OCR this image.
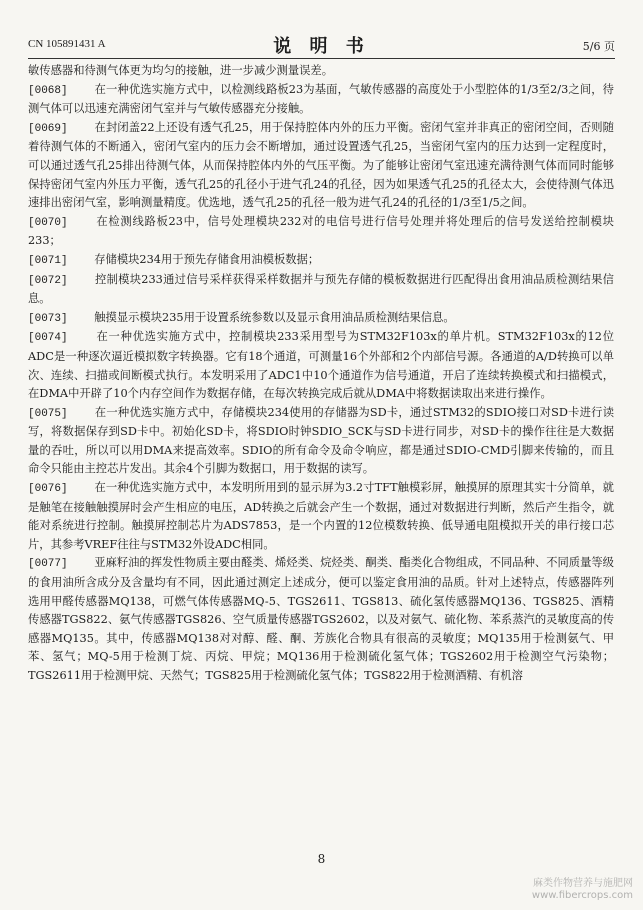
CN 105891431 A	说 明 书	5/6 页

敏传感器和待测气体更为均匀的接触，进一步减少测量误差。

[0068]　　 在一种优选实施方式中，以检测线路板23为基面，气敏传感器的高度处于小型腔体的1/3至2/3之间，待测气体可以迅速充满密闭气室并与气敏传感器充分接触。

[0069]　　 在封闭盖22上还设有透气孔25，用于保持腔体内外的压力平衡。密闭气室并非真正的密闭空间，否则随着待测气体的不断通入，密闭气室内的压力会不断增加，通过设置透气孔25，当密闭气室内的压力达到一定程度时，可以通过透气孔25排出待测气体，从而保持腔体内外的气压平衡。为了能够让密闭气室迅速充满待测气体而同时能够保持密闭气室内外压力平衡，透气孔25的孔径小于进气孔24的孔径，因为如果透气孔25的孔径太大，会使待测气体迅速排出密闭气室，影响测量精度。优选地，透气孔25的孔径一般为进气孔24的孔径的1/3至1/5之间。

[0070]　　	在检测线路板23中，信号处理模块232对的电信号进行信号处理并将处理后的信号发送给控制模块233；

[0071]　　 存储模块234用于预先存储食用油模板数据；

[0072]　　 控制模块233通过信号采样获得采样数据并与预先存储的模板数据进行匹配得出食用油品质检测结果信息。

[0073]　　 触摸显示模块235用于设置系统参数以及显示食用油品质检测结果信息。

[0074]　　	在一种优选实施方式中，控制模块233采用型号为STM32F103x的单片机。STM32F103x的12位ADC是一种逐次逼近模拟数字转换器。它有18个通道，可测量16个外部和2个内部信号源。各通道的A/D转换可以单次、连续、扫描或间断模式执行。本发明采用了ADC1中10个通道作为信号通道，开启了连续转换模式和扫描模式，在DMA中开辟了10个内存空间作为数据存储，在每次转换完成后就从DMA中将数据读取出来进行操作。

[0075]　　 在一种优选实施方式中，存储模块234使用的存储器为SD卡，通过STM32的SDIO接口对SD卡进行读写，将数据保存到SD卡中。初始化SD卡，将SDIO时钟SDIO_SCK与SD卡进行同步，对SD卡的操作往往是大数据量的吞吐，所以可以用DMA来提高效率。SDIO的所有命令及命令响应，都是通过SDIO-CMD引脚来传输的，而且命令只能由主控芯片发出。其余4个引脚为数据口，用于数据的读写。

[0076]　　 在一种优选实施方式中，本发明所用到的显示屏为3.2寸TFT触模彩屏，触摸屏的原理其实十分简单，就是触笔在接触触摸屏时会产生相应的电压，AD转换之后就会产生一个数据，通过对数据进行判断，然后产生指令，就能对系统进行控制。触摸屏控制芯片为ADS7853，是一个内置的12位模数转换、低导通电阻模拟开关的串行接口芯片，其参考VREF往往与STM32外设ADC相同。

[0077]　　 亚麻籽油的挥发性物质主要由醛类、烯烃类、烷烃类、酮类、酯类化合物组成，不同品种、不同质量等级的食用油所含成分及含量均有不同，因此通过测定上述成分，便可以鉴定食用油的品质。针对上述特点，传感器阵列选用甲醛传感器MQ138，可燃气体传感器MQ-5、TGS2611、TGS813、硫化氢传感器MQ136、TGS825、酒精传感器TGS822、氨气传感器TGS826、空气质量传感器TGS2602，以及对氨气、硫化物、苯系蒸汽的灵敏度高的传感器MQ135。其中，传感器MQ138对对醇、醛、酮、芳族化合物具有很高的灵敏度；MQ135用于检测氨气、甲苯、氢气；MQ-5用于检测丁烷、丙烷、甲烷；MQ136用于检测硫化氢气体；TGS2602用于检测空气污染物；TGS2611用于检测甲烷、天然气；TGS825用于检测硫化氢气体；TGS822用于检测酒精、有机溶

8
麻类作物营养与施肥网
www.fibercrops.com
